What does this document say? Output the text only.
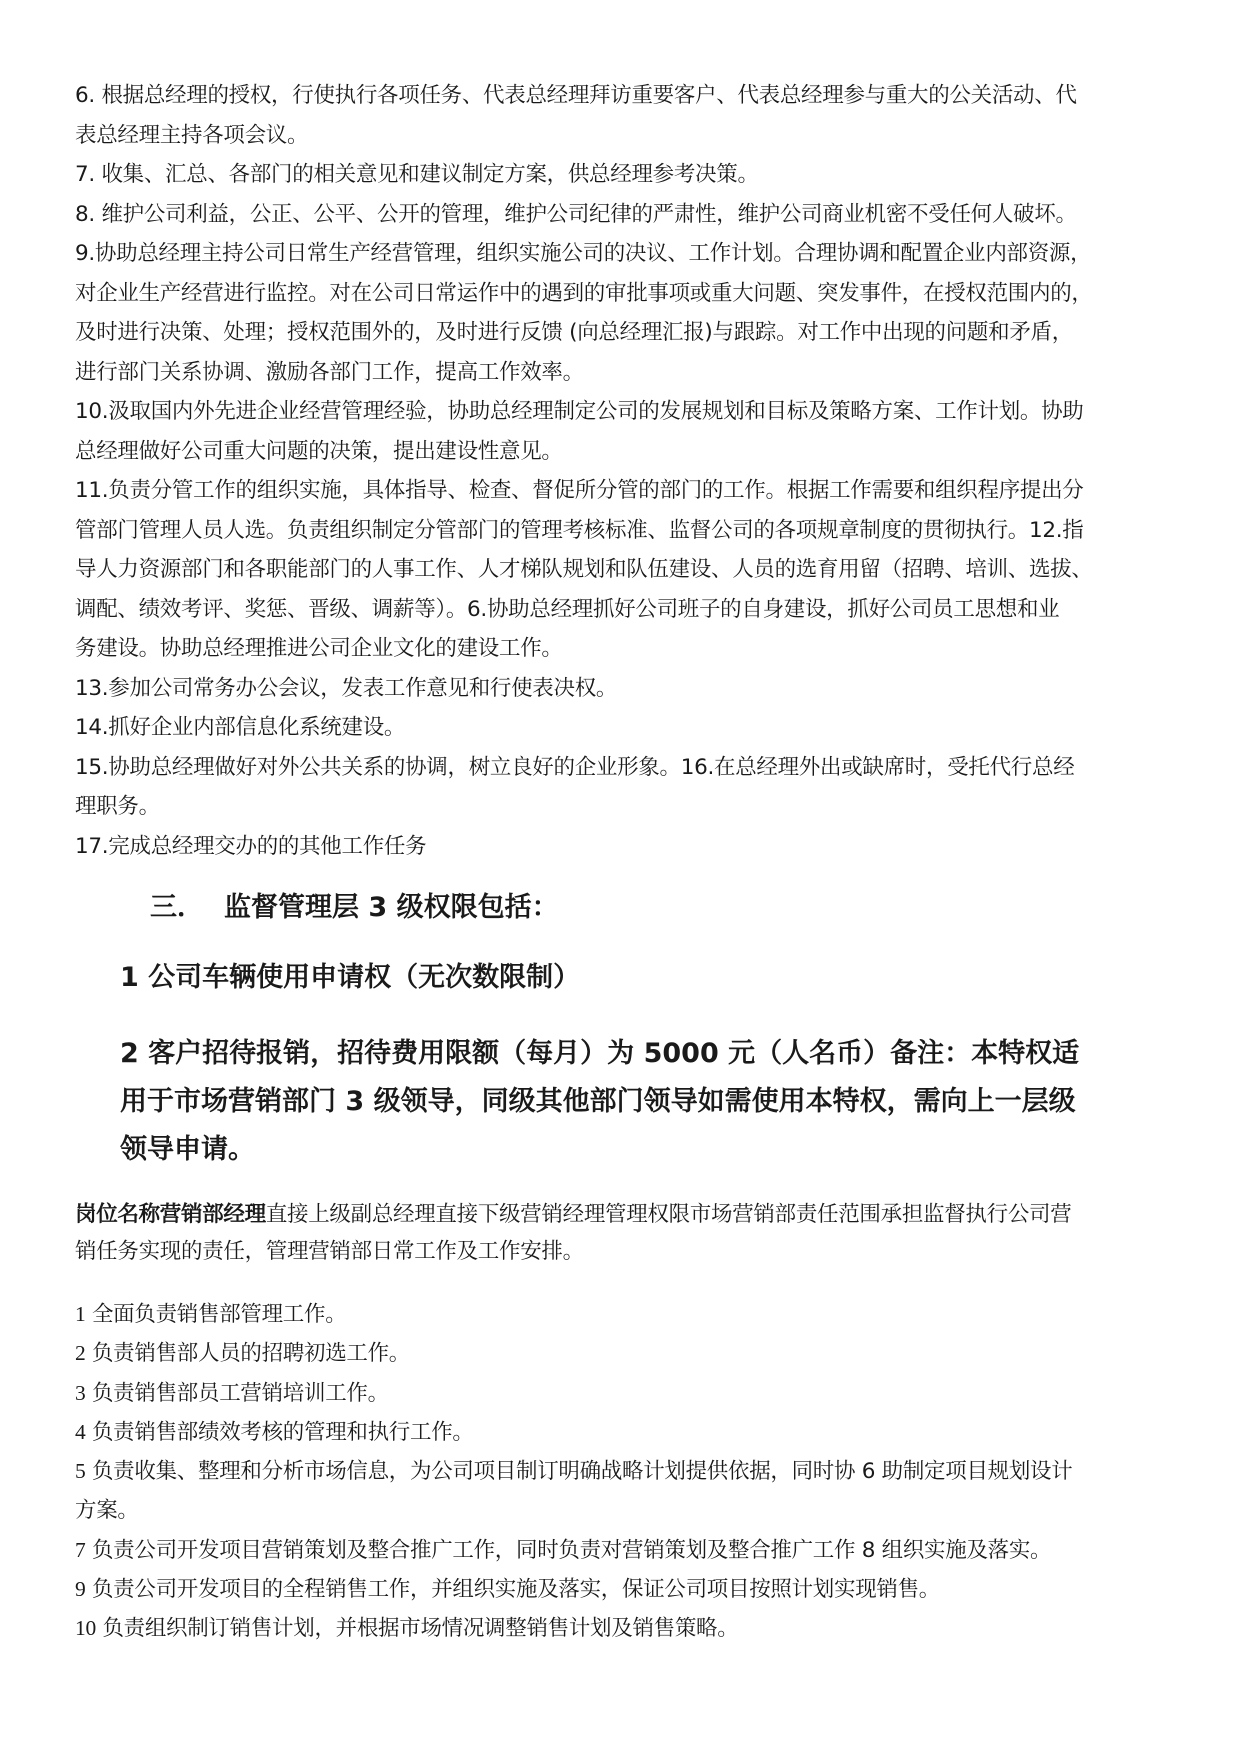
6. 根据总经理的授权，行使执行各项任务、代表总经理拜访重要客户、代表总经理参与重大的公关活动、代

表总经理主持各项会议。

7. 收集、汇总、各部门的相关意见和建议制定方案，供总经理参考决策。

8. 维护公司利益，公正、公平、公开的管理，维护公司纪律的严肃性，维护公司商业机密不受任何人破坏。

9.协助总经理主持公司日常生产经营管理，组织实施公司的决议、工作计划。合理协调和配置企业内部资源，

对企业生产经营进行监控。对在公司日常运作中的遇到的审批事项或重大问题、突发事件，在授权范围内的，

及时进行决策、处理；授权范围外的，及时进行反馈 (向总经理汇报)与跟踪。对工作中出现的问题和矛盾，

进行部门关系协调、激励各部门工作，提高工作效率。

10.汲取国内外先进企业经营管理经验，协助总经理制定公司的发展规划和目标及策略方案、工作计划。协助

总经理做好公司重大问题的决策，提出建设性意见。

11.负责分管工作的组织实施，具体指导、检查、督促所分管的部门的工作。根据工作需要和组织程序提出分

管部门管理人员人选。负责组织制定分管部门的管理考核标准、监督公司的各项规章制度的贯彻执行。12.指

导人力资源部门和各职能部门的人事工作、人才梯队规划和队伍建设、人员的选育用留（招聘、培训、选拔、

调配、绩效考评、奖惩、晋级、调薪等）。6.协助总经理抓好公司班子的自身建设，抓好公司员工思想和业

务建设。协助总经理推进公司企业文化的建设工作。

13.参加公司常务办公会议，发表工作意见和行使表决权。

14.抓好企业内部信息化系统建设。

15.协助总经理做好对外公共关系的协调，树立良好的企业形象。16.在总经理外出或缺席时，受托代行总经

理职务。

17.完成总经理交办的的其他工作任务

三． 监督管理层 3 级权限包括：

1 公司车辆使用申请权（无次数限制）

2 客户招待报销，招待费用限额（每月）为 5000 元（人名币）备注：本特权适

用于市场营销部门 3 级领导，同级其他部门领导如需使用本特权，需向上一层级

领导申请。

岗位名称营销部经理直接上级副总经理直接下级营销经理管理权限市场营销部责任范围承担监督执行公司营

销任务实现的责任，管理营销部日常工作及工作安排。

1 全面负责销售部管理工作。

2 负责销售部人员的招聘初选工作。

3 负责销售部员工营销培训工作。

4 负责销售部绩效考核的管理和执行工作。

5 负责收集、整理和分析市场信息，为公司项目制订明确战略计划提供依据，同时协 6 助制定项目规划设计

方案。

7 负责公司开发项目营销策划及整合推广工作，同时负责对营销策划及整合推广工作 8 组织实施及落实。

9 负责公司开发项目的全程销售工作，并组织实施及落实，保证公司项目按照计划实现销售。

10 负责组织制订销售计划，并根据市场情况调整销售计划及销售策略。
